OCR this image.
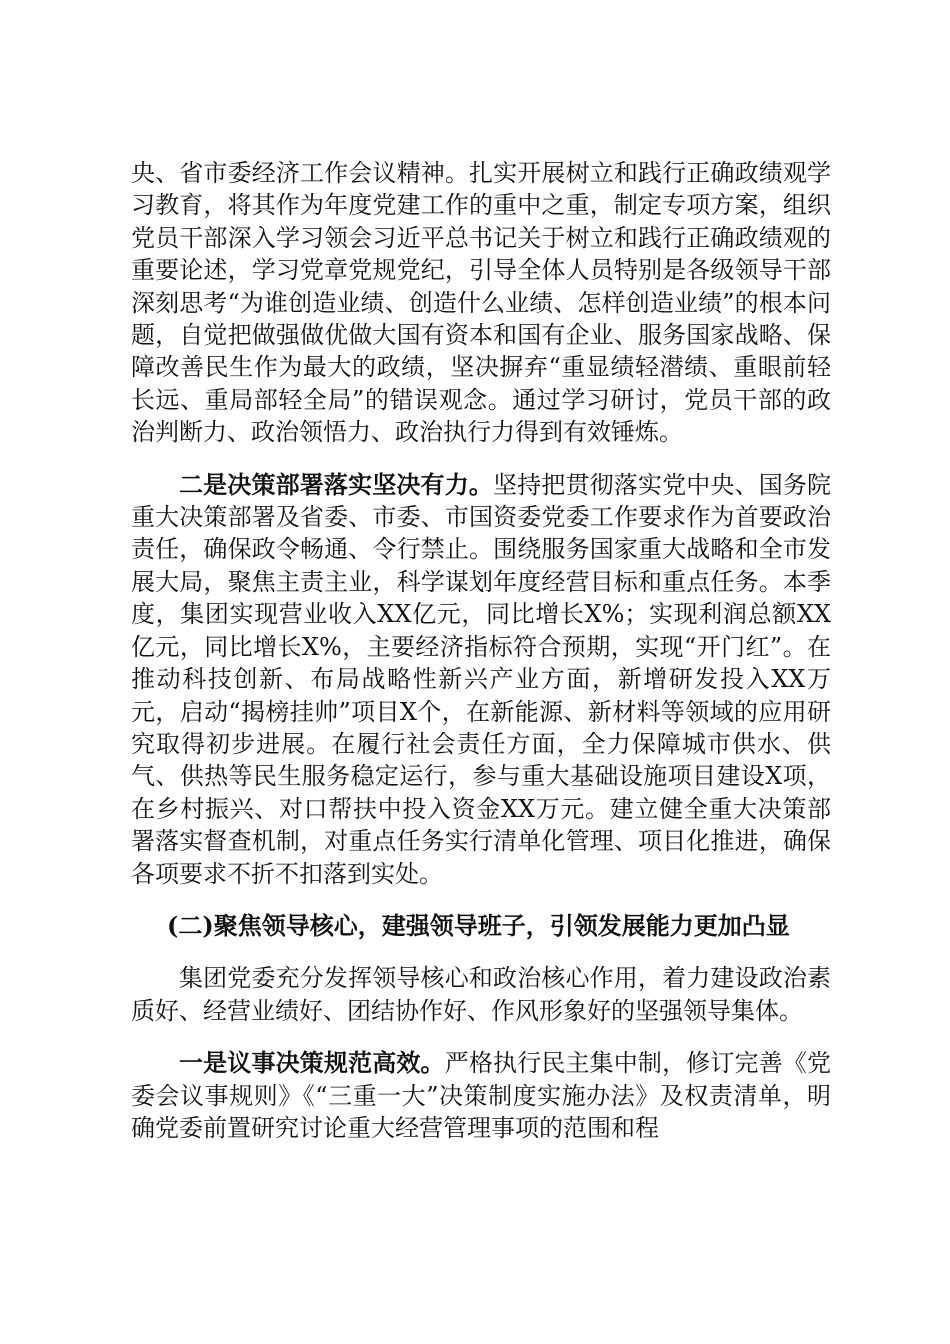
央、省市委经济工作会议精神。扎实开展树立和践行正确政绩观学习教育，将其作为年度党建工作的重中之重，制定专项方案，组织党员干部深入学习领会习近平总书记关于树立和践行正确政绩观的重要论述，学习党章党规党纪，引导全体人员特别是各级领导干部深刻思考“为谁创造业绩、创造什么业绩、怎样创造业绩”的根本问题，自觉把做强做优做大国有资本和国有企业、服务国家战略、保障改善民生作为最大的政绩，坚决摒弃“重显绩轻潜绩、重眼前轻长远、重局部轻全局”的错误观念。通过学习研讨，党员干部的政治判断力、政治领悟力、政治执行力得到有效锤炼。

二是决策部署落实坚决有力。坚持把贯彻落实党中央、国务院重大决策部署及省委、市委、市国资委党委工作要求作为首要政治责任，确保政令畅通、令行禁止。围绕服务国家重大战略和全市发展大局，聚焦主责主业，科学谋划年度经营目标和重点任务。本季度，集团实现营业收入XX亿元，同比增长X%；实现利润总额XX亿元，同比增长X%，主要经济指标符合预期，实现“开门红”。在推动科技创新、布局战略性新兴产业方面，新增研发投入XX万元，启动“揭榜挂帅”项目X个，在新能源、新材料等领域的应用研究取得初步进展。在履行社会责任方面，全力保障城市供水、供气、供热等民生服务稳定运行，参与重大基础设施项目建设X项，在乡村振兴、对口帮扶中投入资金XX万元。建立健全重大决策部署落实督查机制，对重点任务实行清单化管理、项目化推进，确保各项要求不折不扣落到实处。

(二)聚焦领导核心，建强领导班子，引领发展能力更加凸显

集团党委充分发挥领导核心和政治核心作用，着力建设政治素质好、经营业绩好、团结协作好、作风形象好的坚强领导集体。

一是议事决策规范高效。严格执行民主集中制，修订完善《党委会议事规则》《“三重一大”决策制度实施办法》及权责清单，明确党委前置研究讨论重大经营管理事项的范围和程
